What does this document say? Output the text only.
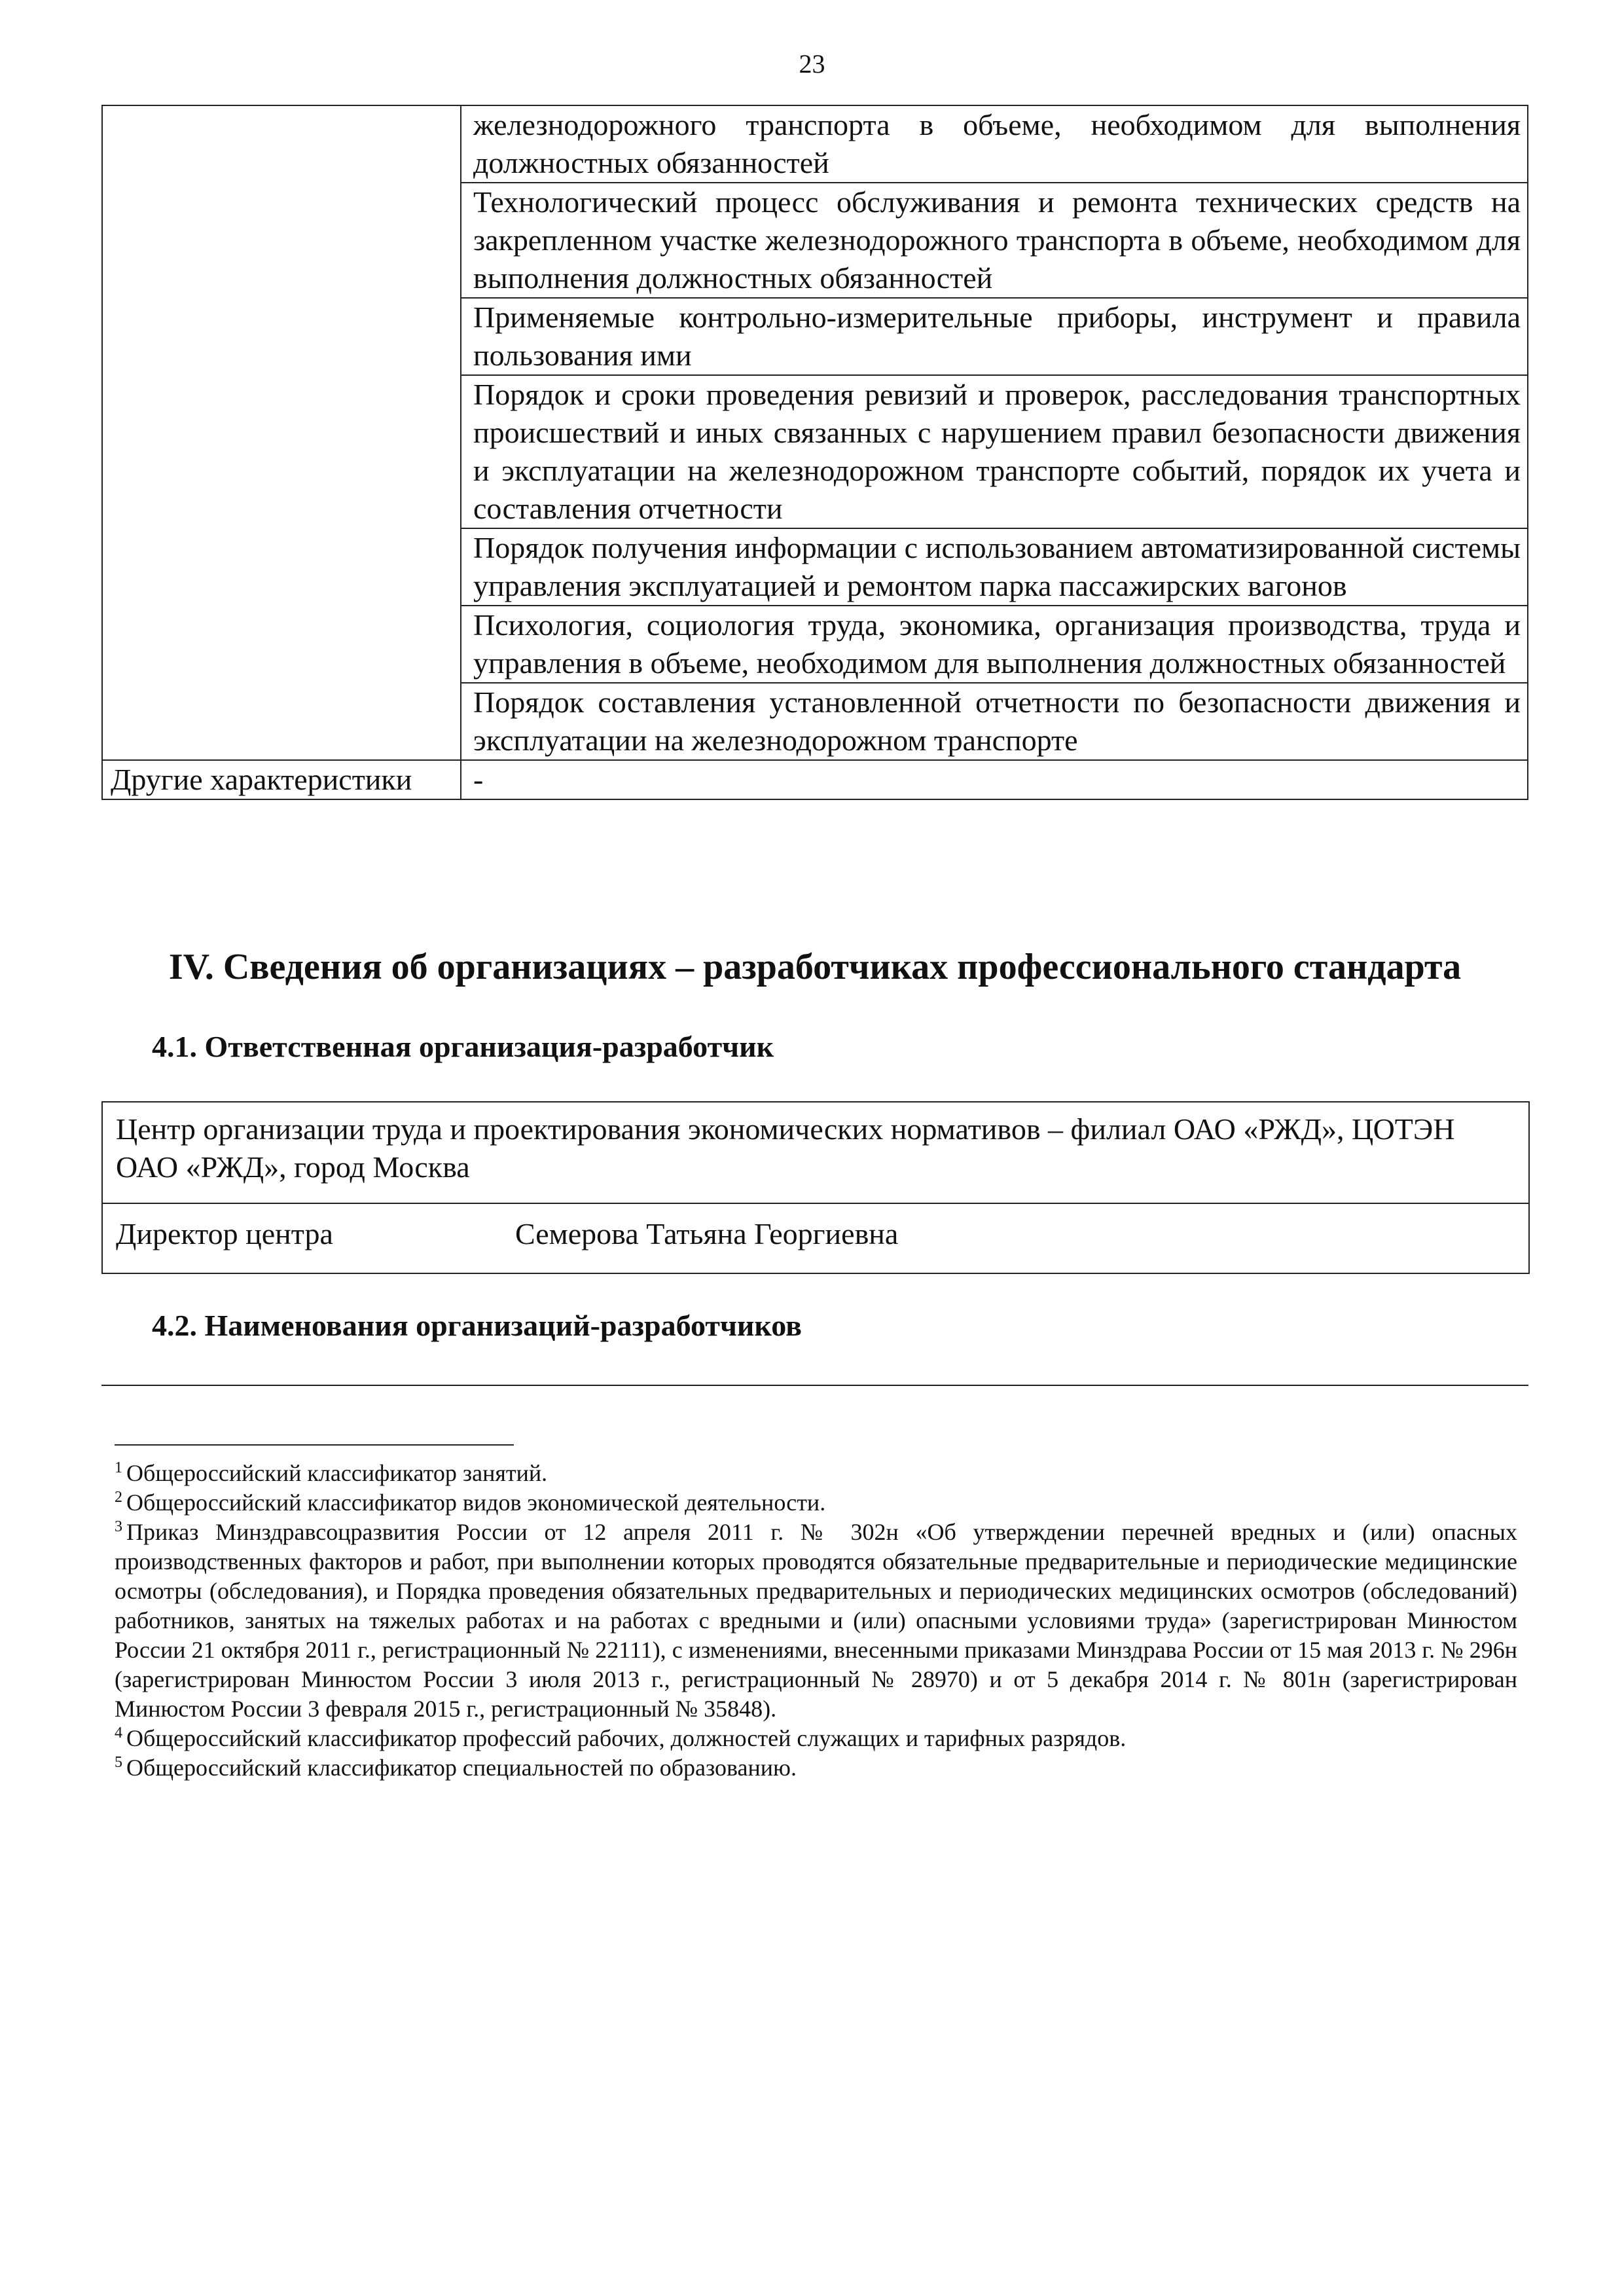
23
	железнодорожного транспорта в объеме, необходимом для выполнения должностных обязанностей
	Технологический процесс обслуживания и ремонта технических средств на закрепленном участке железнодорожного транспорта в объеме, необходимом для выполнения должностных обязанностей
	Применяемые контрольно-измерительные приборы, инструмент и правила пользования ими
	Порядок и сроки проведения ревизий и проверок, расследования транспортных происшествий и иных связанных с нарушением правил безопасности движения и эксплуатации на железнодорожном транспорте событий, порядок их учета и составления отчетности
	Порядок получения информации с использованием автоматизированной системы управления эксплуатацией и ремонтом парка пассажирских вагонов
	Психология, социология труда, экономика, организация производства, труда и управления в объеме, необходимом для выполнения должностных обязанностей
	Порядок составления установленной отчетности по безопасности движения и эксплуатации на железнодорожном транспорте
Другие характеристики	-
IV. Сведения об организациях – разработчиках профессионального стандарта
4.1. Ответственная организация-разработчик
Центр организации труда и проектирования экономических нормативов – филиал ОАО «РЖД», ЦОТЭН ОАО «РЖД», город Москва
Директор центра	Семерова Татьяна Георгиевна
4.2. Наименования организаций-разработчиков

$^1$ Общероссийский классификатор занятий.

$^2$ Общероссийский классификатор видов экономической деятельности.

$^3$ Приказ Минздравсоцразвития России от 12 апреля 2011 г. № 302н «Об утверждении перечней вредных и (или) опасных производственных факторов и работ, при выполнении которых проводятся обязательные предварительные и периодические медицинские осмотры (обследования), и Порядка проведения обязательных предварительных и периодических медицинских осмотров (обследований) работников, занятых на тяжелых работах и на работах с вредными и (или) опасными условиями труда» (зарегистрирован Минюстом России 21 октября 2011 г., регистрационный № 22111), с изменениями, внесенными приказами Минздрава России от 15 мая 2013 г. № 296н (зарегистрирован Минюстом России 3 июля 2013 г., регистрационный № 28970) и от 5 декабря 2014 г. № 801н (зарегистрирован Минюстом России 3 февраля 2015 г., регистрационный № 35848).

$^4$ Общероссийский классификатор профессий рабочих, должностей служащих и тарифных разрядов.

$^5$ Общероссийский классификатор специальностей по образованию.
